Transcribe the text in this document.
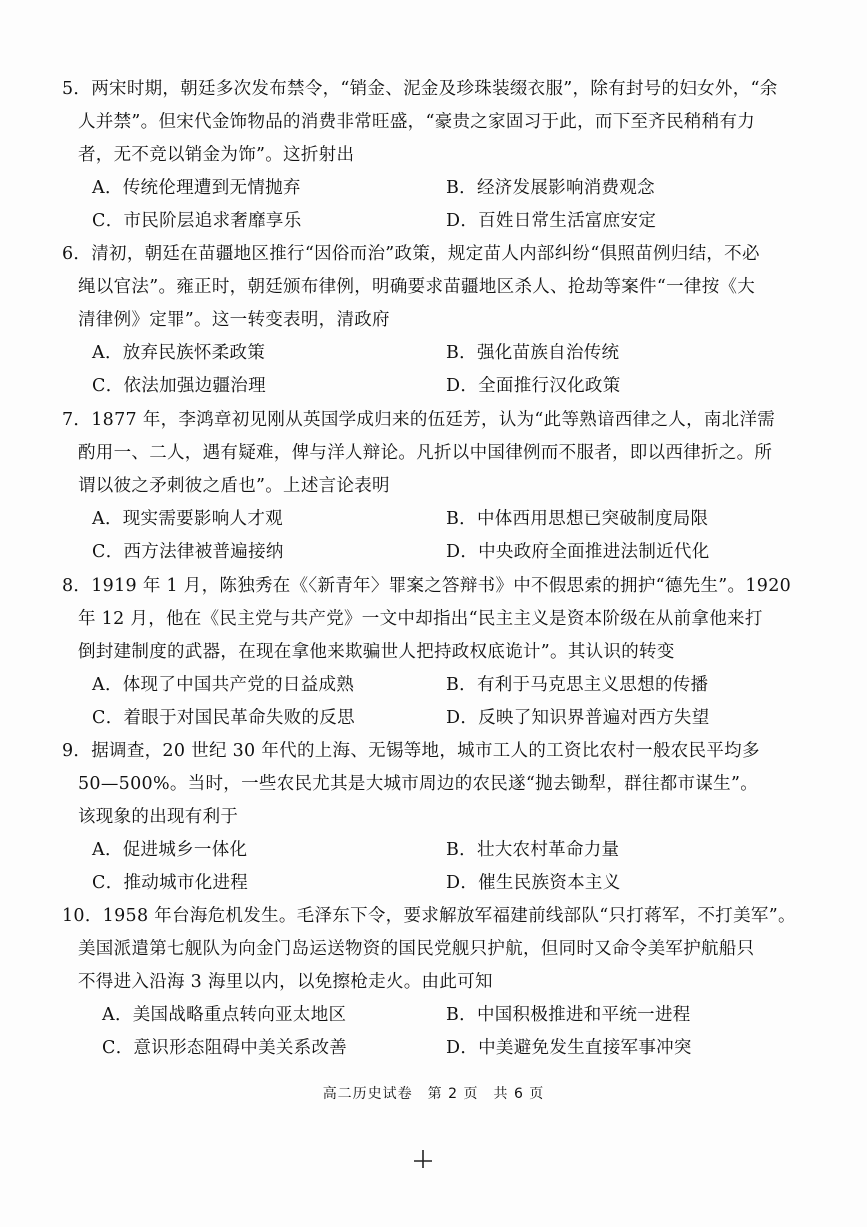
5．两宋时期，朝廷多次发布禁令，“销金、泥金及珍珠装缀衣服”，除有封号的妇女外，“余
人并禁”。但宋代金饰物品的消费非常旺盛，“豪贵之家固习于此，而下至齐民稍稍有力
者，无不竞以销金为饰”。这折射出
A．传统伦理遭到无情抛弃	B．经济发展影响消费观念
C．市民阶层追求奢靡享乐	D．百姓日常生活富庶安定
6．清初，朝廷在苗疆地区推行“因俗而治”政策，规定苗人内部纠纷“俱照苗例归结，不必
绳以官法”。雍正时，朝廷颁布律例，明确要求苗疆地区杀人、抢劫等案件“一律按《大
清律例》定罪”。这一转变表明，清政府
A．放弃民族怀柔政策	B．强化苗族自治传统
C．依法加强边疆治理	D．全面推行汉化政策
7．1877 年，李鸿章初见刚从英国学成归来的伍廷芳，认为“此等熟谙西律之人，南北洋需
酌用一、二人，遇有疑难，俾与洋人辩论。凡折以中国律例而不服者，即以西律折之。所
谓以彼之矛刺彼之盾也”。上述言论表明
A．现实需要影响人才观	B．中体西用思想已突破制度局限
C．西方法律被普遍接纳	D．中央政府全面推进法制近代化
8．1919 年 1 月，陈独秀在《〈新青年〉罪案之答辩书》中不假思索的拥护“德先生”。1920
年 12 月，他在《民主党与共产党》一文中却指出“民主主义是资本阶级在从前拿他来打
倒封建制度的武器，在现在拿他来欺骗世人把持政权底诡计”。其认识的转变
A．体现了中国共产党的日益成熟	B．有利于马克思主义思想的传播
C．着眼于对国民革命失败的反思	D．反映了知识界普遍对西方失望
9．据调查，20 世纪 30 年代的上海、无锡等地，城市工人的工资比农村一般农民平均多
50—500%。当时，一些农民尤其是大城市周边的农民遂“抛去锄犁，群往都市谋生”。
该现象的出现有利于
A．促进城乡一体化	B．壮大农村革命力量
C．推动城市化进程	D．催生民族资本主义
10．1958 年台海危机发生。毛泽东下令，要求解放军福建前线部队“只打蒋军，不打美军”。
美国派遣第七舰队为向金门岛运送物资的国民党舰只护航，但同时又命令美军护航船只
不得进入沿海 3 海里以内，以免擦枪走火。由此可知
A．美国战略重点转向亚太地区	B．中国积极推进和平统一进程
C．意识形态阻碍中美关系改善	D．中美避免发生直接军事冲突
高二历史试卷　第 2 页　共 6 页
